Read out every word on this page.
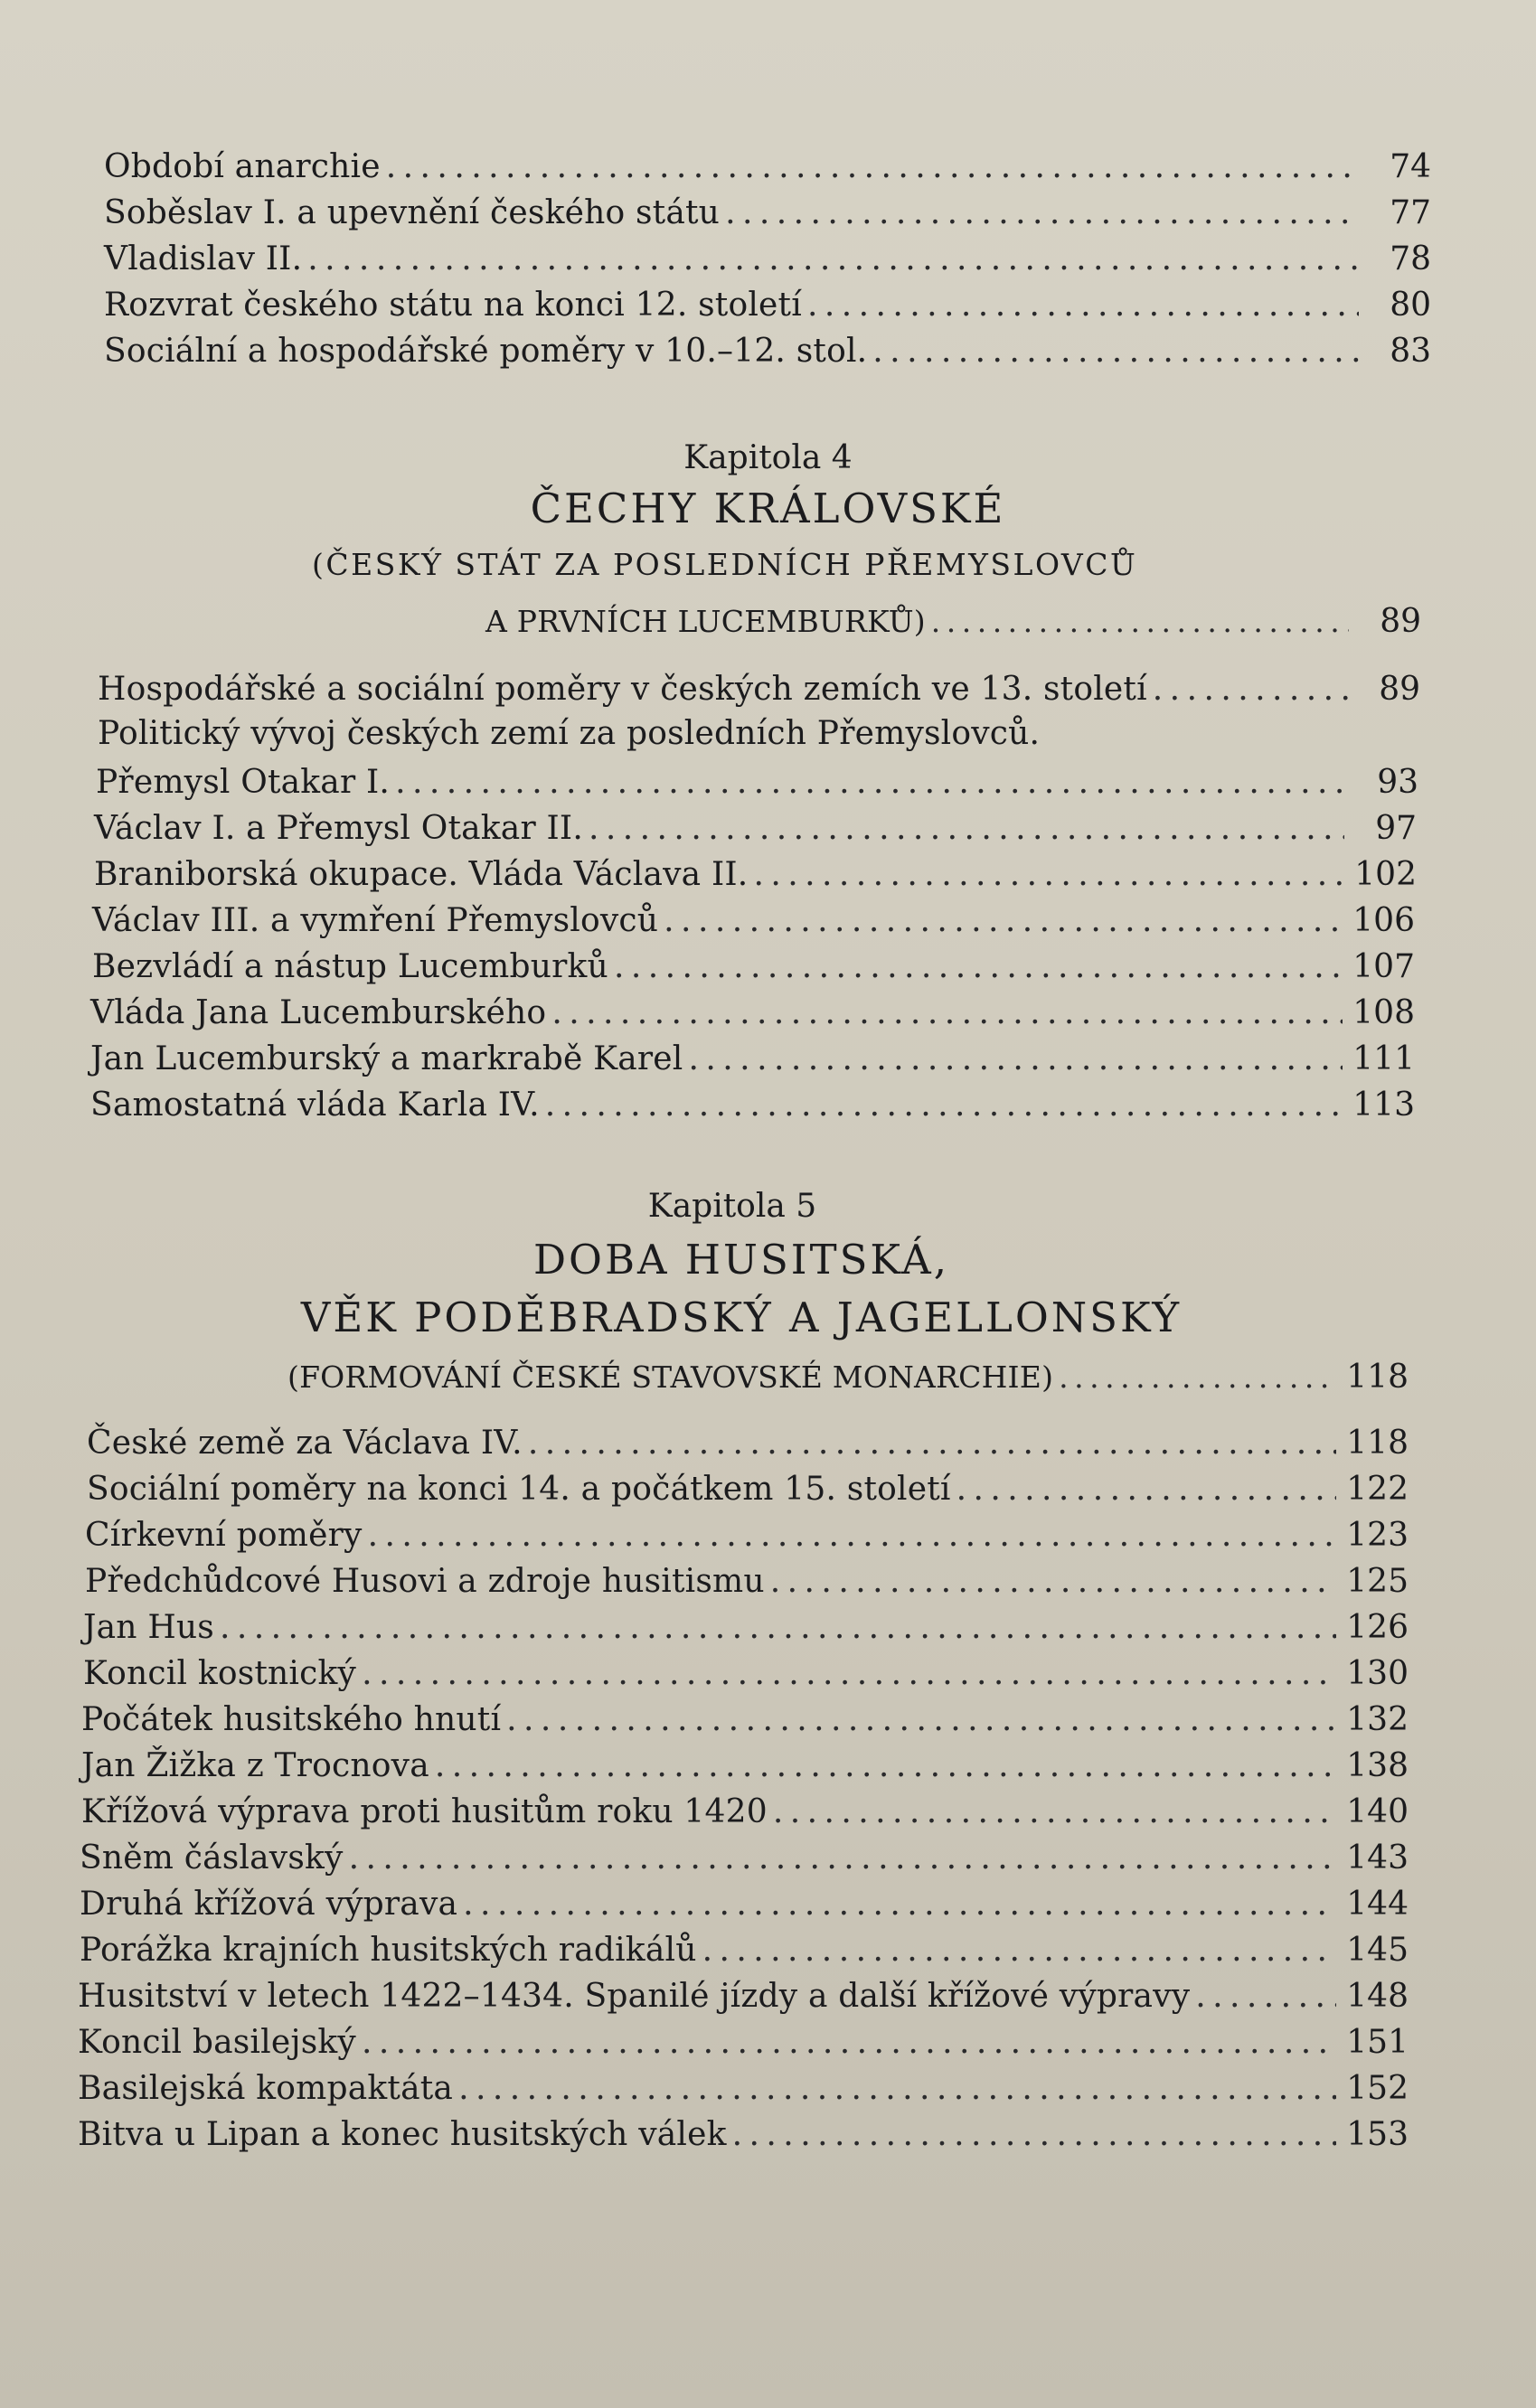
Období anarchie . . .	74
Soběslav I. a upevnění českého státu . . .	77
Vladislav II. . . .	78
Rozvrat českého státu na konci 12. století . . .	80
Sociální a hospodářské poměry v 10.–12. stol. . . .	83
Kapitola 4
ČECHY KRÁLOVSKÉ
(ČESKÝ STÁT ZA POSLEDNÍCH PŘEMYSLOVCŮ
A PRVNÍCH LUCEMBURKŮ) . . .	89
Hospodářské a sociální poměry v českých zemích ve 13. století . . .	89
Politický vývoj českých zemí za posledních Přemyslovců.
Přemysl Otakar I. . . .	93
Václav I. a Přemysl Otakar II. . . .	97
Braniborská okupace. Vláda Václava II. . . .	102
Václav III. a vymření Přemyslovců . . .	106
Bezvládí a nástup Lucemburků . . .	107
Vláda Jana Lucemburského . . .	108
Jan Lucemburský a markrabě Karel . . .	111
Samostatná vláda Karla IV. . . .	113
Kapitola 5
DOBA HUSITSKÁ,
VĚK PODĚBRADSKÝ A JAGELLONSKÝ
(FORMOVÁNÍ ČESKÉ STAVOVSKÉ MONARCHIE) . . .	118
České země za Václava IV. . . .	118
Sociální poměry na konci 14. a počátkem 15. století . . .	122
Církevní poměry . . .	123
Předchůdcové Husovi a zdroje husitismu . . .	125
Jan Hus . . .	126
Koncil kostnický . . .	130
Počátek husitského hnutí . . .	132
Jan Žižka z Trocnova . . .	138
Křížová výprava proti husitům roku 1420 . . .	140
Sněm čáslavský . . .	143
Druhá křížová výprava . . .	144
Porážka krajních husitských radikálů . . .	145
Husitství v letech 1422–1434. Spanilé jízdy a další křížové výpravy . . .	148
Koncil basilejský . . .	151
Basilejská kompaktáta . . .	152
Bitva u Lipan a konec husitských válek . . .	153
